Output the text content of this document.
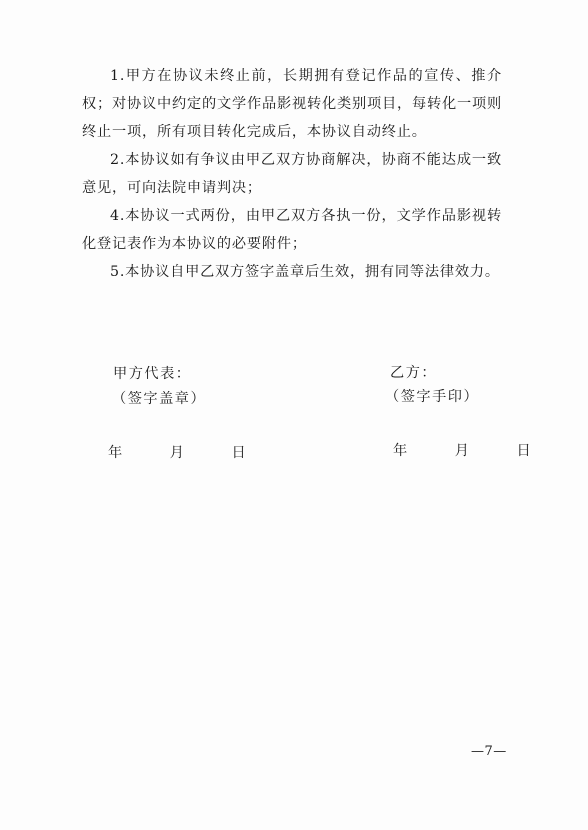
1.甲方在协议未终止前，长期拥有登记作品的宣传、推介权；对协议中约定的文学作品影视转化类别项目，每转化一项则终止一项，所有项目转化完成后，本协议自动终止。

2.本协议如有争议由甲乙双方协商解决，协商不能达成一致意见，可向法院申请判决；

4.本协议一式两份，由甲乙双方各执一份，文学作品影视转化登记表作为本协议的必要附件；

5.本协议自甲乙双方签字盖章后生效，拥有同等法律效力。

甲方代表：
（签字盖章）
年	月	日
乙方：
（签字手印）
年	月	日
—7—
